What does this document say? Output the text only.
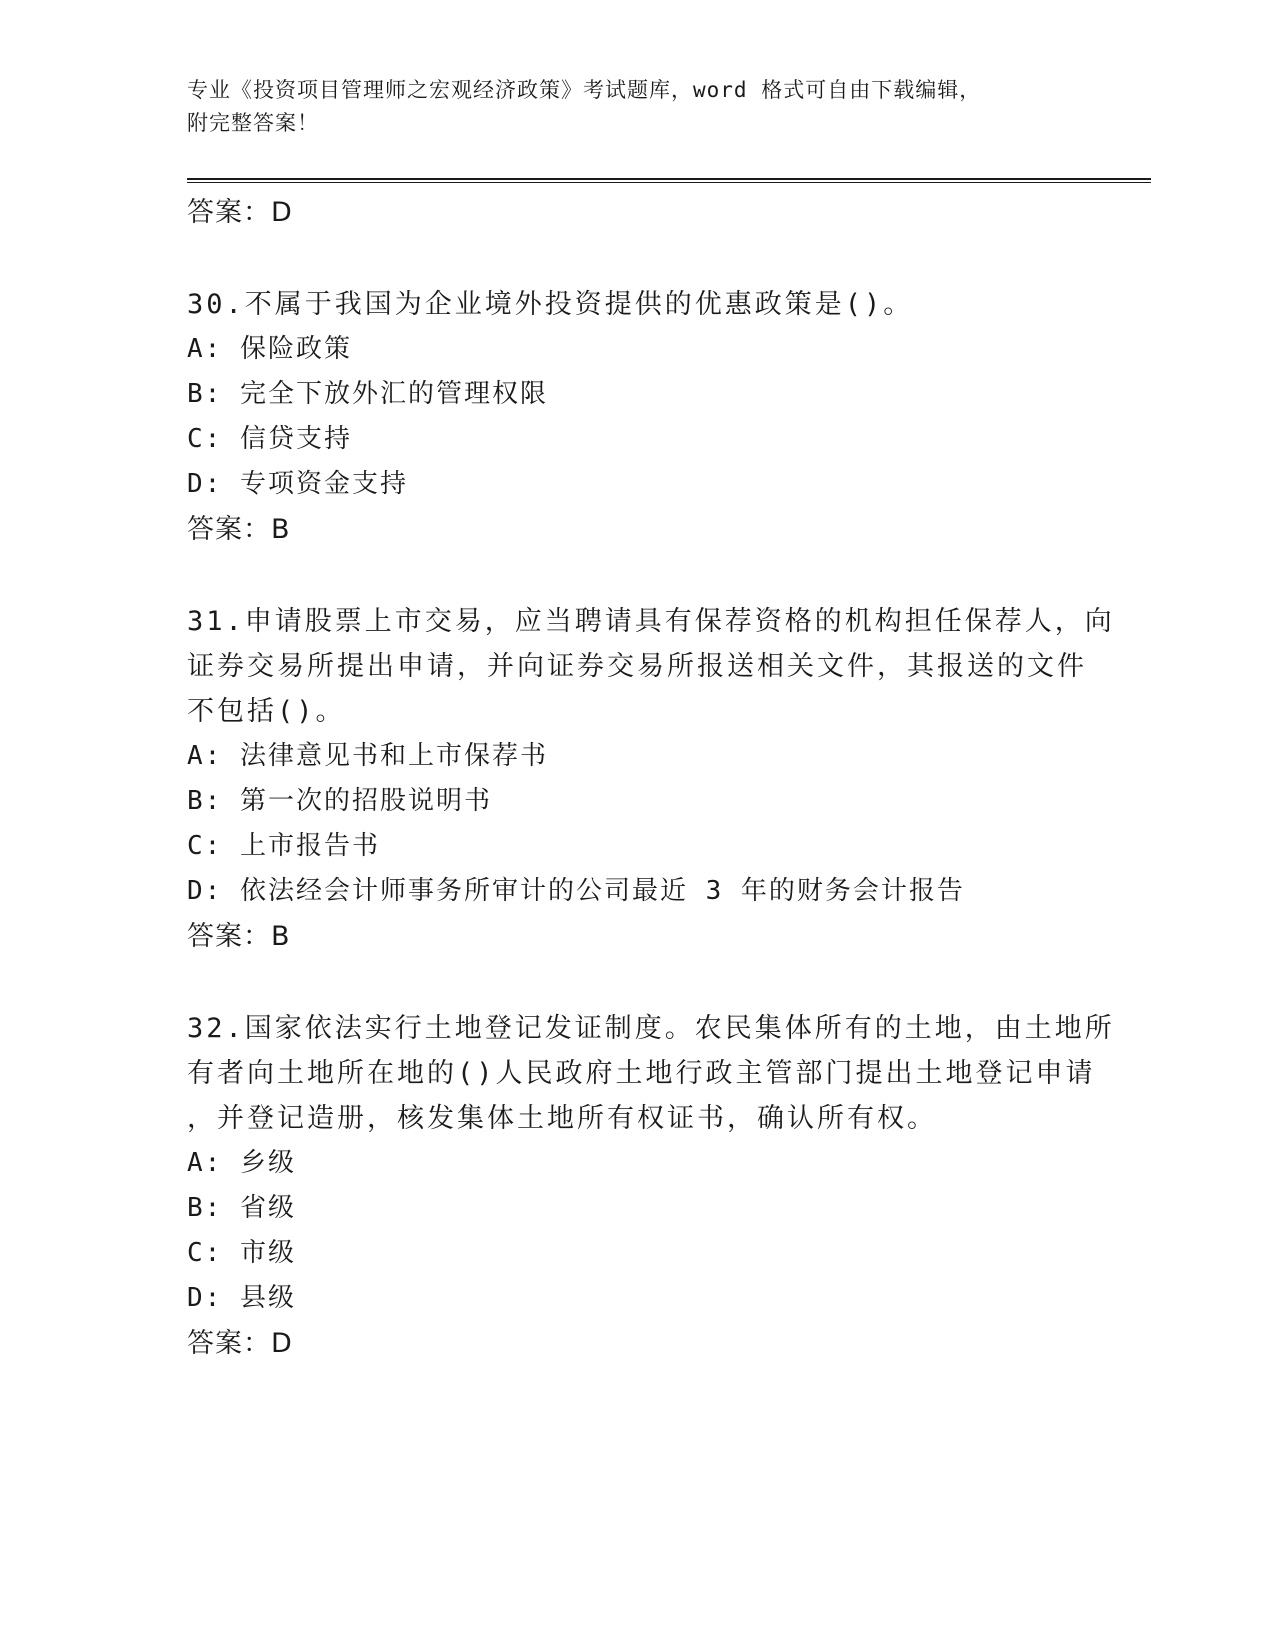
专业《投资项目管理师之宏观经济政策》考试题库，word 格式可自由下载编辑，
附完整答案！
答案：D
30.不属于我国为企业境外投资提供的优惠政策是()。
A: 保险政策
B: 完全下放外汇的管理权限
C: 信贷支持
D: 专项资金支持
答案：B
31.申请股票上市交易，应当聘请具有保荐资格的机构担任保荐人，向
证券交易所提出申请，并向证券交易所报送相关文件，其报送的文件
不包括()。
A: 法律意见书和上市保荐书
B: 第一次的招股说明书
C: 上市报告书
D: 依法经会计师事务所审计的公司最近 3 年的财务会计报告
答案：B
32.国家依法实行土地登记发证制度。农民集体所有的土地，由土地所
有者向土地所在地的()人民政府土地行政主管部门提出土地登记申请
，并登记造册，核发集体土地所有权证书，确认所有权。
A: 乡级
B: 省级
C: 市级
D: 县级
答案：D
